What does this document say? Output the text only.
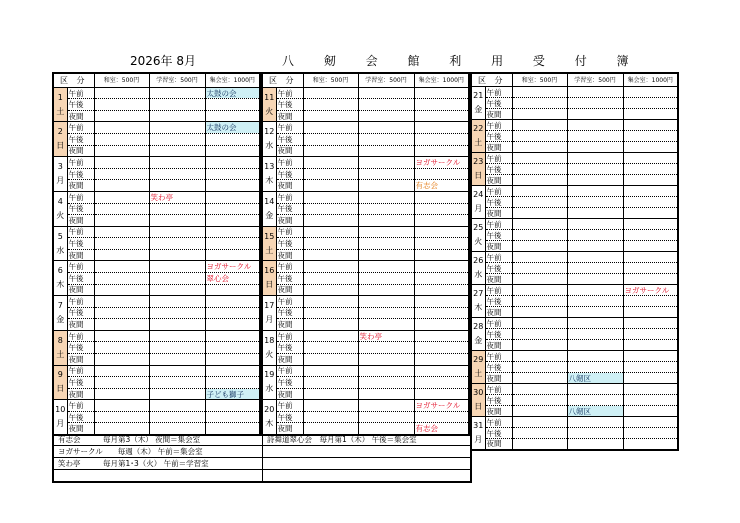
2026年 8月	八 剱 会 館 利 用 受 付 簿
区 分		和室：500円	学習室：500円	集会室：1000円

1
土	午前			太鼓の会
	午後			
	夜間			

2
日	午前			太鼓の会
	午後			
	夜間			

3
月	午前			
	午後			
	夜間			

4
火	午前		笑わ亭	
	午後			
	夜間			

5
水	午前			
	午後			
	夜間			

6
木	午前			ヨガサークル
	午後			翠心会
	夜間			

7
金	午前			
	午後			
	夜間			

8
土	午前			
	午後			
	夜間			

9
日	午前			
	午後			
	夜間			子ども獅子

10
月	午前			
	午後			
	夜間			
区 分		和室：500円	学習室：500円	集会室：1000円

11
火	午前			
	午後			
	夜間			

12
水	午前			
	午後			
	夜間			

13
木	午前			ヨガサークル
	午後			
	夜間			有志会

14
金	午前			
	午後			
	夜間			

15
土	午前			
	午後			
	夜間			

16
日	午前			
	午後			
	夜間			

17
月	午前			
	午後			
	夜間			

18
火	午前		笑わ亭	
	午後			
	夜間			

19
水	午前			
	午後			
	夜間			

20
木	午前			ヨガサークル
	午後			
	夜間			有志会
区 分		和室：500円	学習室：500円	集会室：1000円

21
金	午前			
	午後			
	夜間			

22
土	午前			
	午後			
	夜間			

23
日	午前			
	午後			
	夜間			

24
月	午前			
	午後			
	夜間			

25
火	午前			
	午後			
	夜間			

26
水	午前			
	午後			
	夜間			

27
木	午前			ヨガサークル
	午後			
	夜間			

28
金	午前			
	午後			
	夜間			

29
土	午前			
	午後			
	夜間		八剱区	

30
日	午前			
	午後			
	夜間		八剱区	

31
月	午前			
	午後			
	夜間			
有志会　　　毎月第3（木） 夜間＝集会室	詩舞道翠心会　毎月第1（木） 午後＝集会室
ヨガサークル　　毎週（木） 午前＝集会室
笑わ亭　　　毎月第1･3（火） 午前＝学習室
